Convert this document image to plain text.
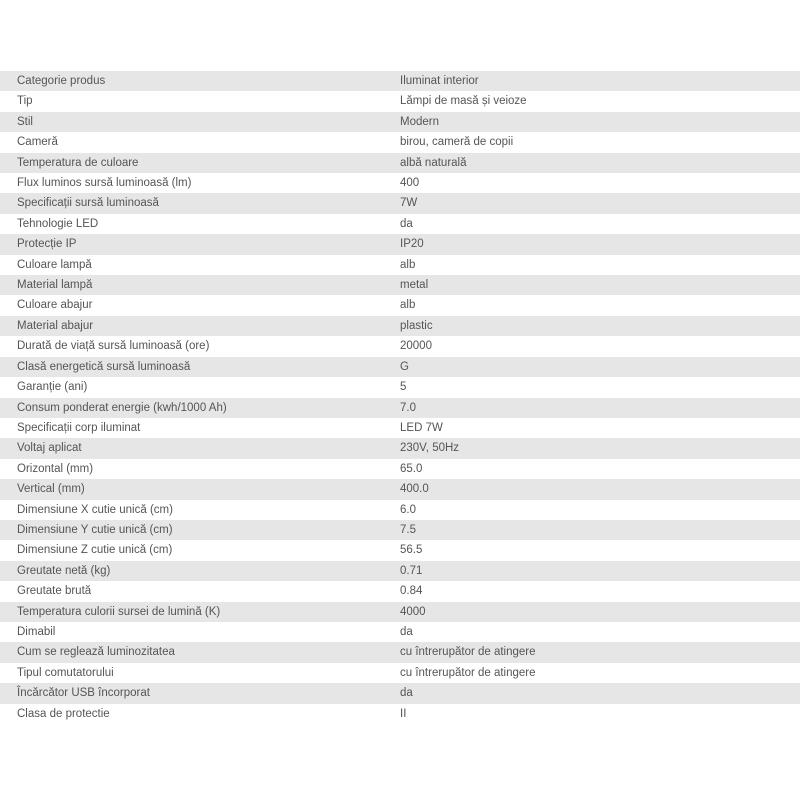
Categorie produs	Iluminat interior
Tip	Lămpi de masă și veioze
Stil	Modern
Cameră	birou, cameră de copii
Temperatura de culoare	albă naturală
Flux luminos sursă luminoasă (lm)	400
Specificații sursă luminoasă	7W
Tehnologie LED	da
Protecție IP	IP20
Culoare lampă	alb
Material lampă	metal
Culoare abajur	alb
Material abajur	plastic
Durată de viață sursă luminoasă (ore)	20000
Clasă energetică sursă luminoasă	G
Garanție (ani)	5
Consum ponderat energie (kwh/1000 Ah)	7.0
Specificații corp iluminat	LED 7W
Voltaj aplicat	230V, 50Hz
Orizontal (mm)	65.0
Vertical (mm)	400.0
Dimensiune X cutie unică (cm)	6.0
Dimensiune Y cutie unică (cm)	7.5
Dimensiune Z cutie unică (cm)	56.5
Greutate netă (kg)	0.71
Greutate brută	0.84
Temperatura culorii sursei de lumină (K)	4000
Dimabil	da
Cum se reglează luminozitatea	cu întrerupător de atingere
Tipul comutatorului	cu întrerupător de atingere
Încărcător USB încorporat	da
Clasa de protectie	II
